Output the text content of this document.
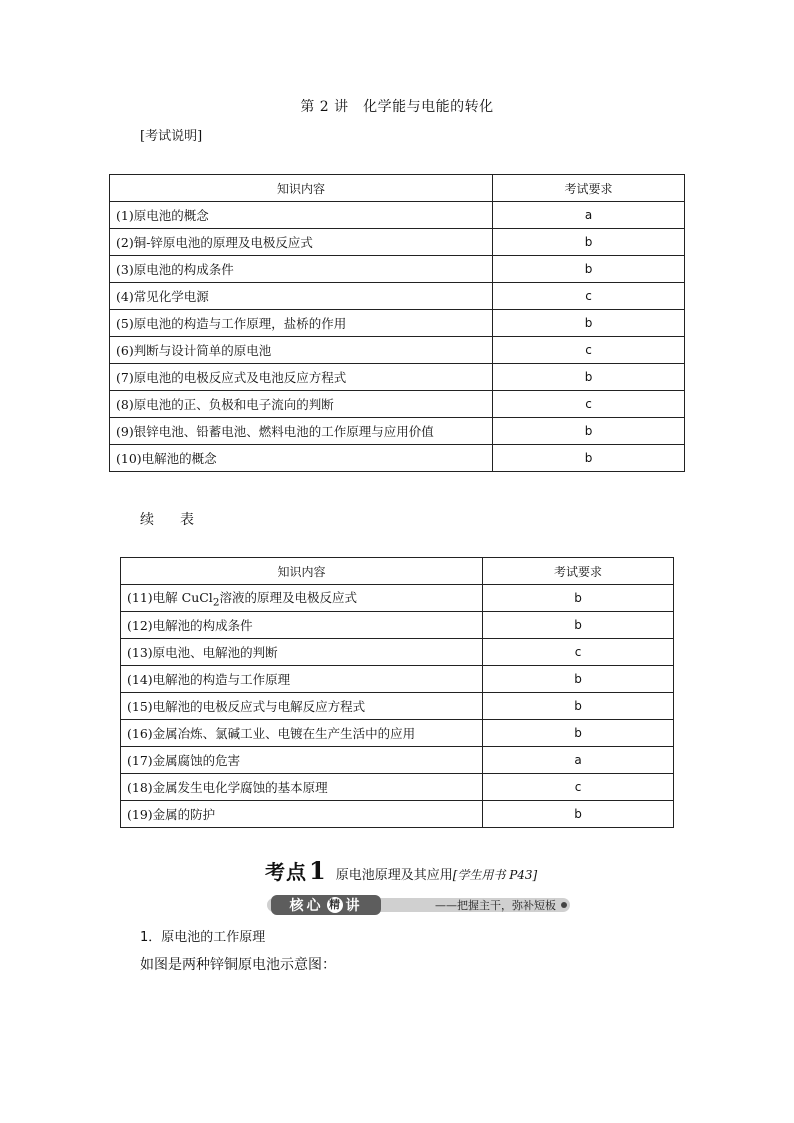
第 2 讲　化学能与电能的转化
[考试说明]
知识内容	考试要求
(1)原电池的概念	a
(2)铜-锌原电池的原理及电极反应式	b
(3)原电池的构成条件	b
(4)常见化学电源	c
(5)原电池的构造与工作原理，盐桥的作用	b
(6)判断与设计简单的原电池	c
(7)原电池的电极反应式及电池反应方程式	b
(8)原电池的正、负极和电子流向的判断	c
(9)银锌电池、铅蓄电池、燃料电池的工作原理与应用价值	b
(10)电解池的概念	b
续　表
知识内容	考试要求
(11)电解 CuCl$_2$溶液的原理及电极反应式	b
(12)电解池的构成条件	b
(13)原电池、电解池的判断	c
(14)电解池的构造与工作原理	b
(15)电解池的电极反应式与电解反应方程式	b
(16)金属冶炼、氯碱工业、电镀在生产生活中的应用	b
(17)金属腐蚀的危害	a
(18)金属发生电化学腐蚀的基本原理	c
(19)金属的防护	b
考点 1 原电池原理及其应用 [学生用书 P43]
核心 精 讲	——把握主干，弥补短板
1．原电池的工作原理
如图是两种锌铜原电池示意图：
